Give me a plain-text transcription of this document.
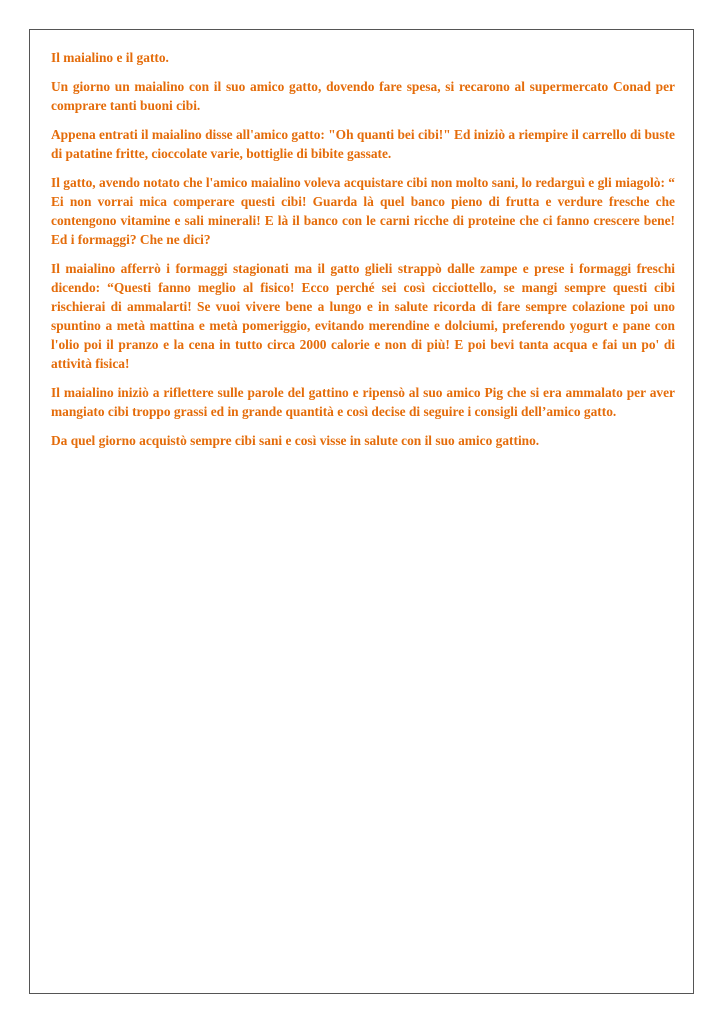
Il maialino e il gatto.

Un giorno un maialino con il suo amico gatto, dovendo fare spesa, si recarono al supermercato Conad per comprare tanti buoni cibi.

Appena entrati il maialino disse all'amico gatto: "Oh quanti bei cibi!" Ed iniziò a riempire il carrello di buste di patatine fritte, cioccolate varie, bottiglie di bibite gassate.

Il gatto, avendo notato che l'amico maialino voleva acquistare cibi non molto sani, lo redarguì e gli miagolò: “ Ei non vorrai mica comperare questi cibi! Guarda là quel banco pieno di frutta e verdure fresche che contengono vitamine e sali minerali! E là il banco con le carni ricche di proteine che ci fanno crescere bene! Ed i formaggi? Che ne dici?

Il maialino afferrò i formaggi stagionati ma il gatto glieli strappò dalle zampe e prese i formaggi freschi dicendo: “Questi fanno meglio al fisico! Ecco perché sei così cicciottello, se mangi sempre questi cibi rischierai di ammalarti! Se vuoi vivere bene a lungo e in salute ricorda di fare sempre colazione poi uno spuntino a metà mattina e metà pomeriggio, evitando merendine e dolciumi, preferendo yogurt e pane con l'olio poi il pranzo e la cena in tutto circa 2000 calorie e non di più! E poi bevi tanta acqua e fai un po' di attività fisica!

Il maialino iniziò a riflettere sulle parole del gattino e ripensò al suo amico Pig che si era ammalato per aver mangiato cibi troppo grassi ed in grande quantità e così decise di seguire i consigli dell’amico gatto.

Da quel giorno acquistò sempre cibi sani e così visse in salute con il suo amico gattino.
